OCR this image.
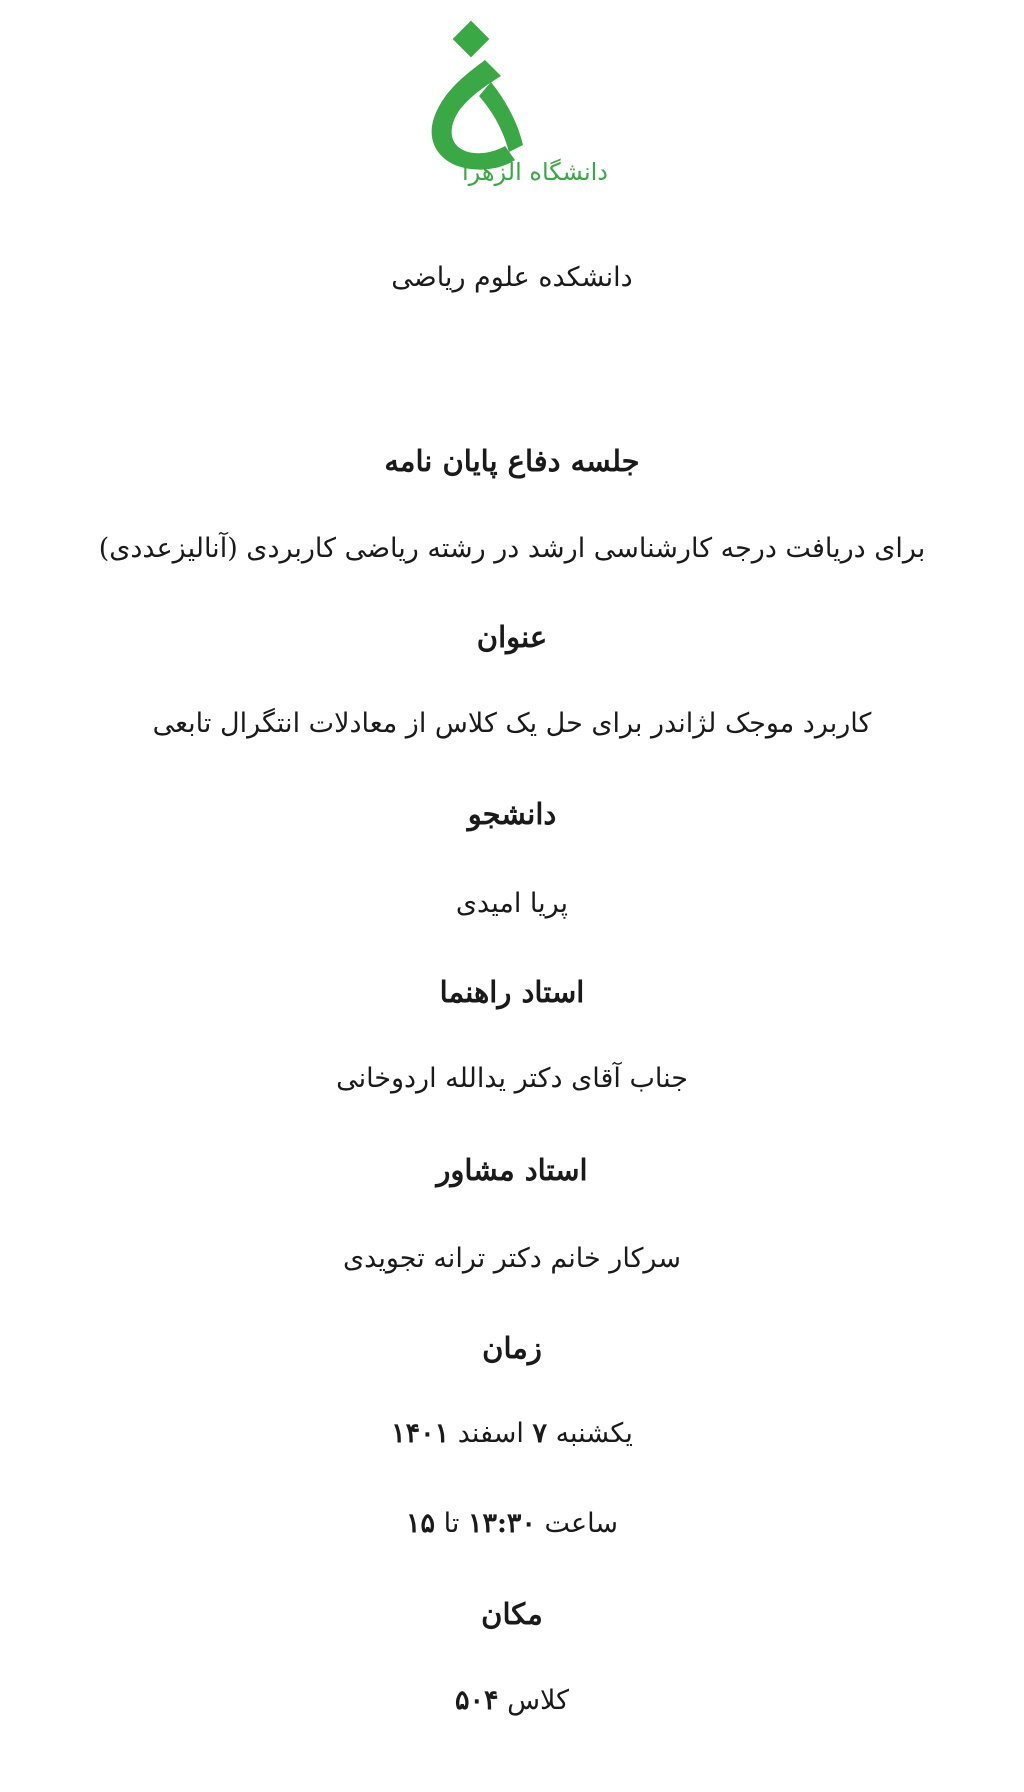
دانشگاه الزهرا
دانشکده علوم ریاضی
جلسه دفاع پایان نامه
برای دریافت درجه کارشناسی ارشد در رشته ریاضی کاربردی (آنالیزعددی)
عنوان
کاربرد موجک لژاندر برای حل یک کلاس از معادلات انتگرال تابعی
دانشجو
پریا امیدی
استاد راهنما
جناب آقای دکتر یدالله اردوخانی
استاد مشاور
سرکار خانم دکتر ترانه تجویدی
زمان
یکشنبه ۷ اسفند ۱۴۰۱
ساعت ۱۳:۳۰ تا ۱۵
مکان
کلاس ۵۰۴
